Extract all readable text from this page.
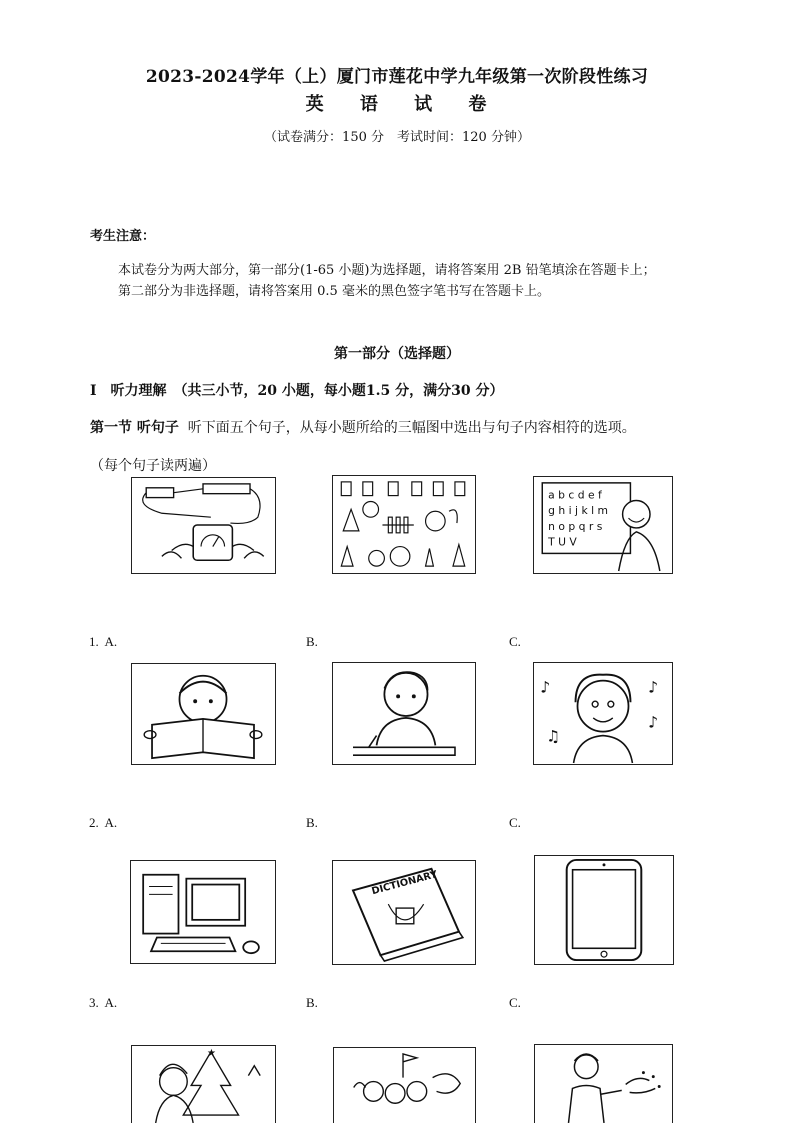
2023-2024学年（上）厦门市莲花中学九年级第一次阶段性练习
英 语 试 卷
（试卷满分：150 分　考试时间：120 分钟）
考生注意：
本试卷分为两大部分，第一部分(1-65 小题)为选择题，请将答案用 2B 铅笔填涂在答题卡上；
第二部分为非选择题，请将答案用 0.5 毫米的黑色签字笔书写在答题卡上。
第一部分（选择题）
I　听力理解　（共三小节，20 小题，每小题1.5 分，满分30 分）
第一节 听句子 听下面五个句子，从每小题所给的三幅图中选出与句子内容相符的选项。
（每个句子读两遍）
a b c d e f
g h i j k l m
n o p q r s
T U V
1. A.	B.	C.
♪	♪
♫
♪
2. A.	B.	C.
DICTIONARY
3. A.	B.	C.
★
